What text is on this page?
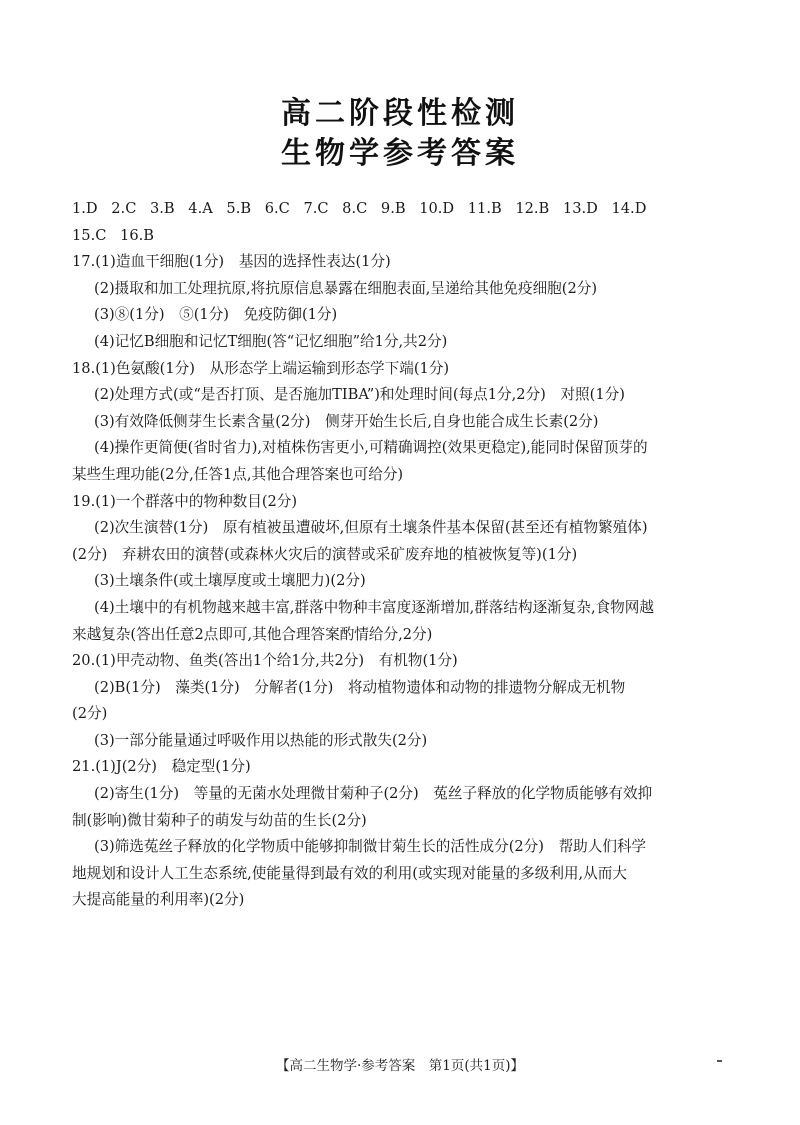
高二阶段性检测
生物学参考答案
1.D 2.C 3.B 4.A 5.B 6.C 7.C 8.C 9.B 10.D 11.B 12.B 13.D 14.D
15.C 16.B
17.(1)造血干细胞(1分)　基因的选择性表达(1分)
(2)摄取和加工处理抗原,将抗原信息暴露在细胞表面,呈递给其他免疫细胞(2分)
(3)⑧(1分)　⑤(1分)　免疫防御(1分)
(4)记忆B细胞和记忆T细胞(答“记忆细胞”给1分,共2分)
18.(1)色氨酸(1分)　从形态学上端运输到形态学下端(1分)
(2)处理方式(或“是否打顶、是否施加TIBA”)和处理时间(每点1分,2分)　对照(1分)
(3)有效降低侧芽生长素含量(2分)　侧芽开始生长后,自身也能合成生长素(2分)
(4)操作更简便(省时省力),对植株伤害更小,可精确调控(效果更稳定),能同时保留顶芽的
某些生理功能(2分,任答1点,其他合理答案也可给分)
19.(1)一个群落中的物种数目(2分)
(2)次生演替(1分)　原有植被虽遭破坏,但原有土壤条件基本保留(甚至还有植物繁殖体)
(2分)　弃耕农田的演替(或森林火灾后的演替或采矿废弃地的植被恢复等)(1分)
(3)土壤条件(或土壤厚度或土壤肥力)(2分)
(4)土壤中的有机物越来越丰富,群落中物种丰富度逐渐增加,群落结构逐渐复杂,食物网越
来越复杂(答出任意2点即可,其他合理答案酌情给分,2分)
20.(1)甲壳动物、鱼类(答出1个给1分,共2分)　有机物(1分)
(2)B(1分)　藻类(1分)　分解者(1分)　将动植物遗体和动物的排遗物分解成无机物
(2分)
(3)一部分能量通过呼吸作用以热能的形式散失(2分)
21.(1)J(2分)　稳定型(1分)
(2)寄生(1分)　等量的无菌水处理微甘菊种子(2分)　菟丝子释放的化学物质能够有效抑
制(影响)微甘菊种子的萌发与幼苗的生长(2分)
(3)筛选菟丝子释放的化学物质中能够抑制微甘菊生长的活性成分(2分)　帮助人们科学
地规划和设计人工生态系统,使能量得到最有效的利用(或实现对能量的多级利用,从而大
大提高能量的利用率)(2分)
【高二生物学·参考答案　第1页(共1页)】
